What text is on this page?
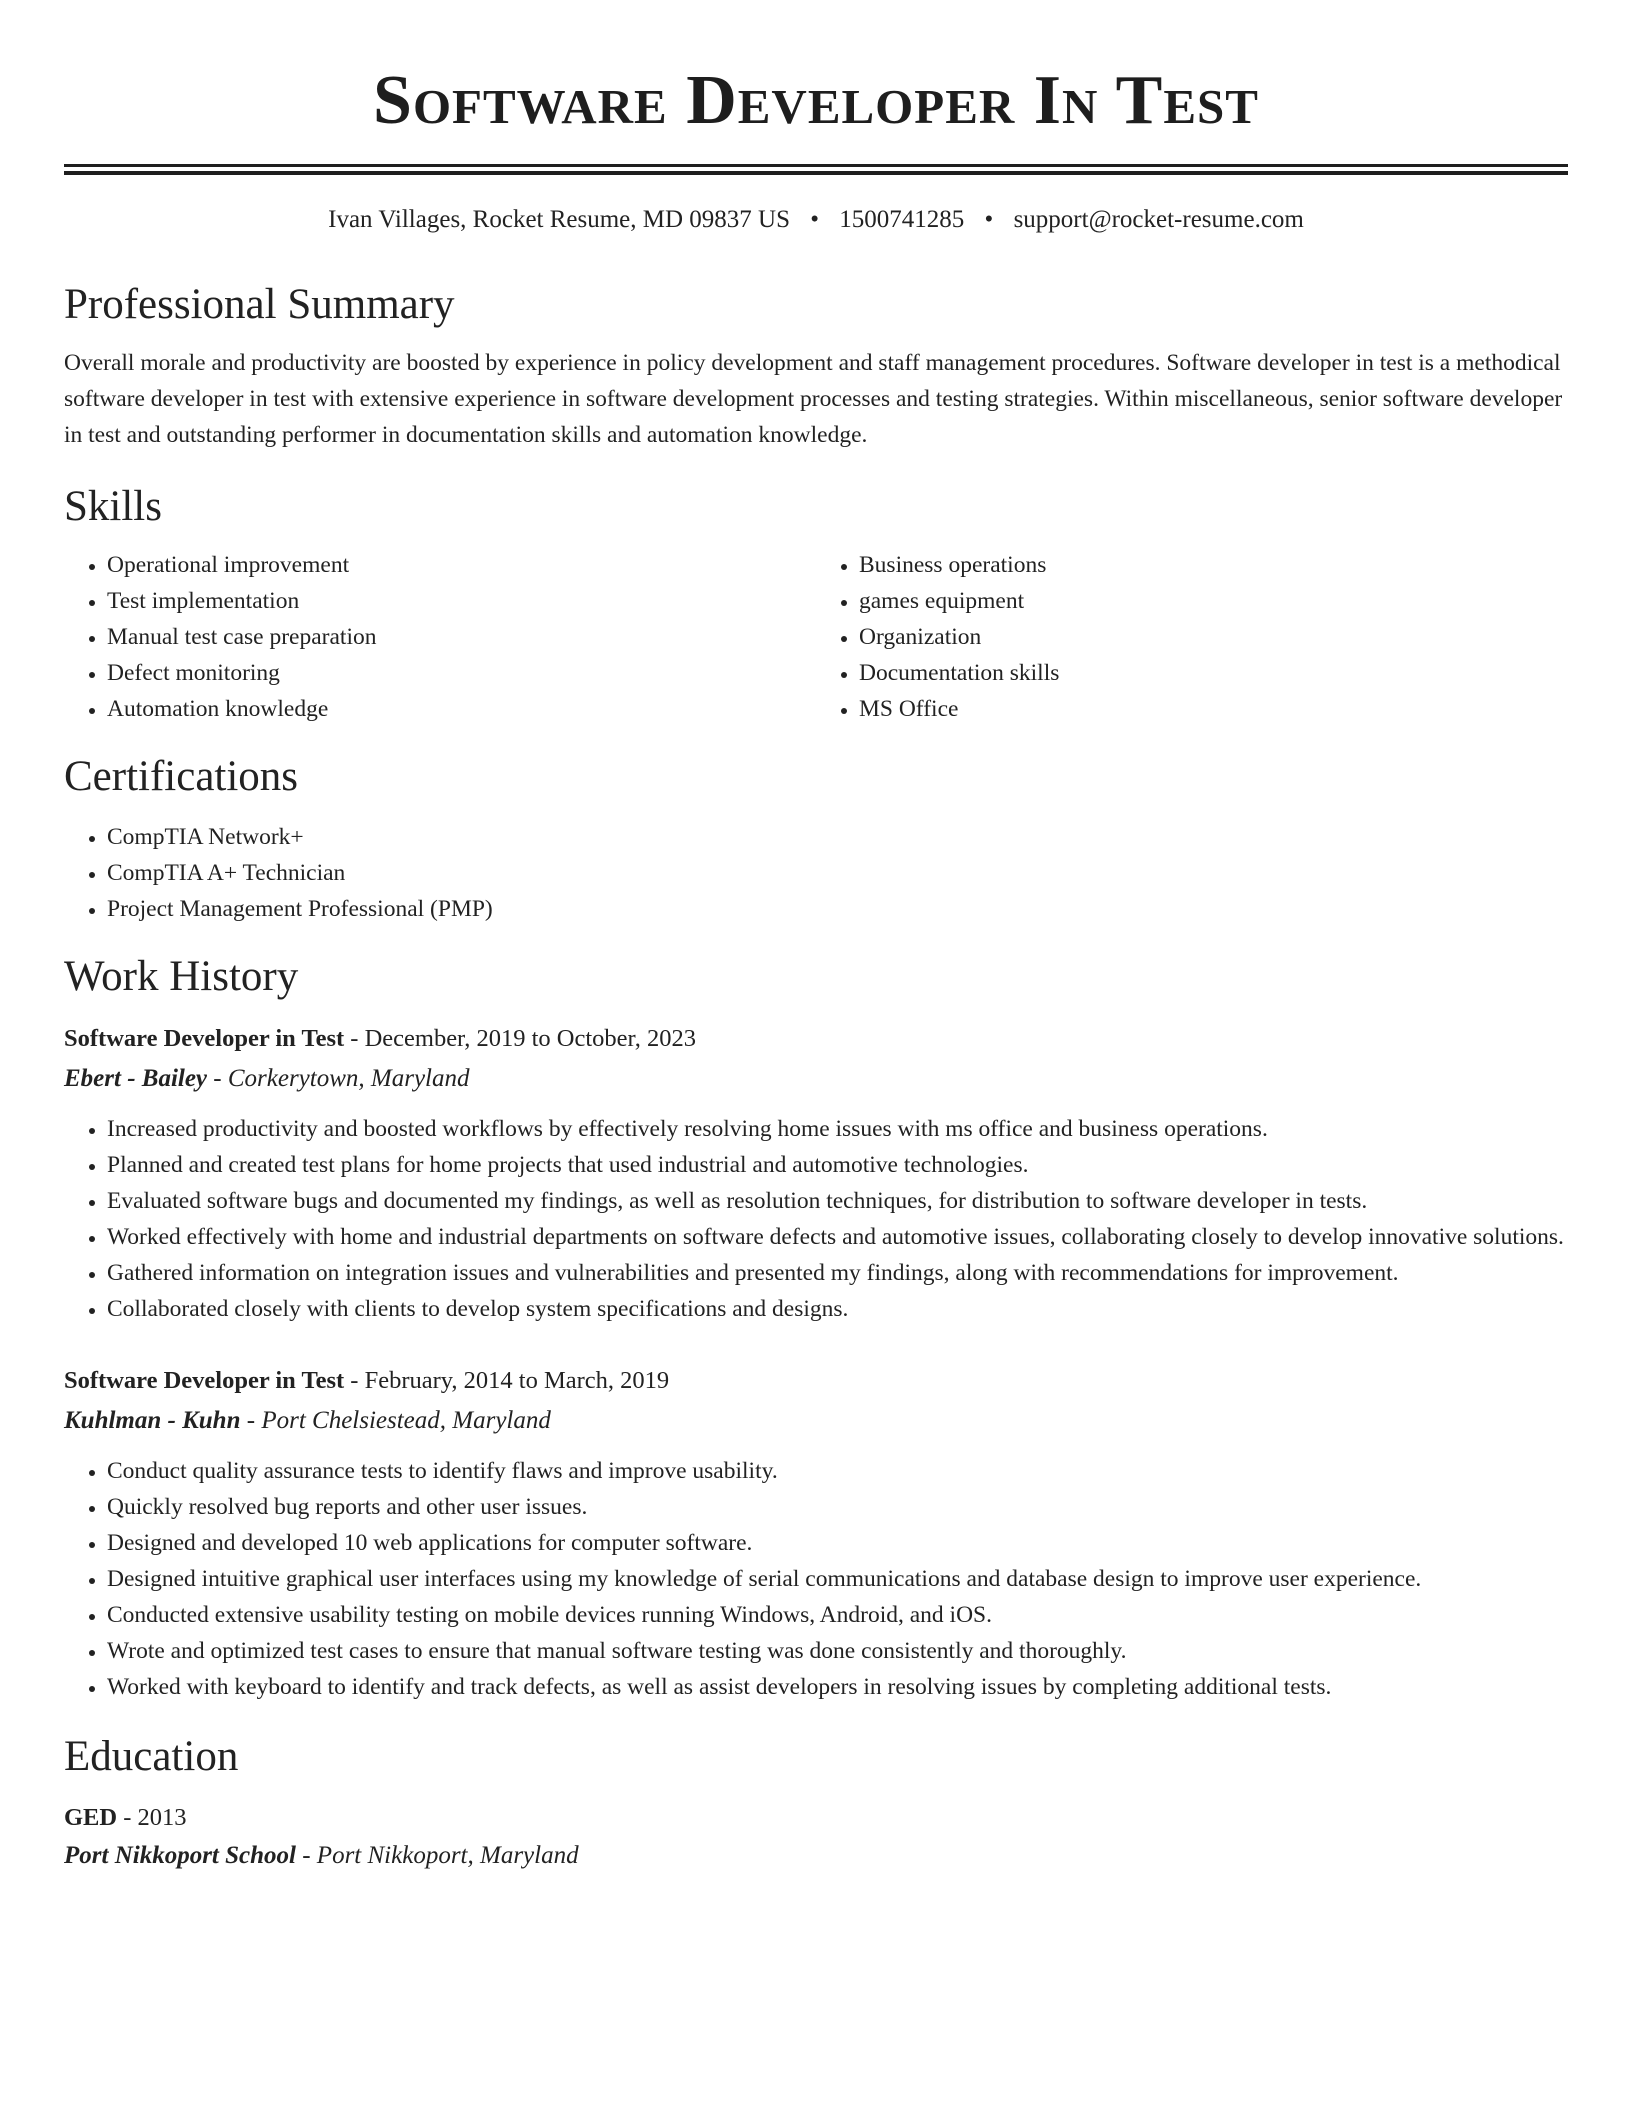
Software Developer In Test
Ivan Villages, Rocket Resume, MD 09837 US • 1500741285 • support@rocket-resume.com
Professional Summary
Overall morale and productivity are boosted by experience in policy development and staff management procedures. Software developer in test is a methodical software developer in test with extensive experience in software development processes and testing strategies. Within miscellaneous, senior software developer in test and outstanding performer in documentation skills and automation knowledge.
Skills
• Operational improvement
• Test implementation
• Manual test case preparation
• Defect monitoring
• Automation knowledge
• Business operations
• games equipment
• Organization
• Documentation skills
• MS Office
Certifications
• CompTIA Network+
• CompTIA A+ Technician
• Project Management Professional (PMP)
Work History
Software Developer in Test - December, 2019 to October, 2023
Ebert - Bailey - Corkerytown, Maryland
• Increased productivity and boosted workflows by effectively resolving home issues with ms office and business operations.
• Planned and created test plans for home projects that used industrial and automotive technologies.
• Evaluated software bugs and documented my findings, as well as resolution techniques, for distribution to software developer in tests.
• Worked effectively with home and industrial departments on software defects and automotive issues, collaborating closely to develop innovative solutions.
• Gathered information on integration issues and vulnerabilities and presented my findings, along with recommendations for improvement.
• Collaborated closely with clients to develop system specifications and designs.
Software Developer in Test - February, 2014 to March, 2019
Kuhlman - Kuhn - Port Chelsiestead, Maryland
• Conduct quality assurance tests to identify flaws and improve usability.
• Quickly resolved bug reports and other user issues.
• Designed and developed 10 web applications for computer software.
• Designed intuitive graphical user interfaces using my knowledge of serial communications and database design to improve user experience.
• Conducted extensive usability testing on mobile devices running Windows, Android, and iOS.
• Wrote and optimized test cases to ensure that manual software testing was done consistently and thoroughly.
• Worked with keyboard to identify and track defects, as well as assist developers in resolving issues by completing additional tests.
Education
GED - 2013
Port Nikkoport School - Port Nikkoport, Maryland
